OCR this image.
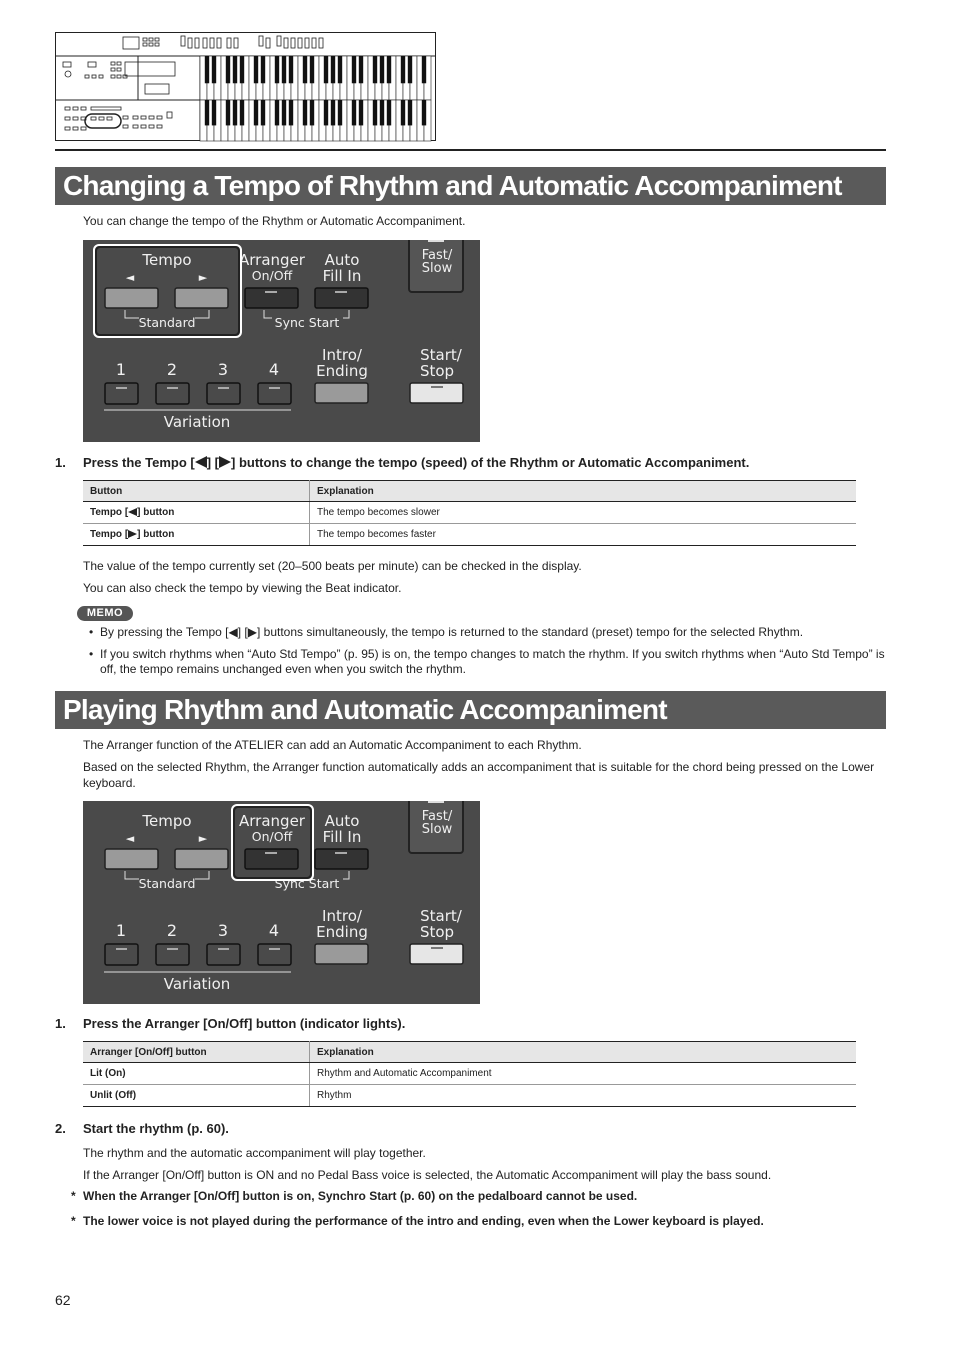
Changing a Tempo of Rhythm and Automatic Accompaniment
You can change the tempo of the Rhythm or Automatic Accompaniment.
Tempo
◄	►
Standard
Arranger
On/Off
Sync Start
Auto
Fill In
Fast/
Slow
Intro/
Ending
Start/
Stop
1	2	3	4
Variation
1. Press the Tempo [ ] [ ] buttons to change the tempo (speed) of the Rhythm or Automatic Accompaniment.
Button	Explanation
Tempo [ ] button	The tempo becomes slower
Tempo [ ] button	The tempo becomes faster
The value of the tempo currently set (20–500 beats per minute) can be checked in the display.
You can also check the tempo by viewing the Beat indicator.
MEMO
• By pressing the Tempo [◀] [▶] buttons simultaneously, the tempo is returned to the standard (preset) tempo for the selected Rhythm.
• If you switch rhythms when “Auto Std Tempo” (p. 95) is on, the tempo changes to match the rhythm. If you switch rhythms when “Auto Std Tempo” is off, the tempo remains unchanged even when you switch the rhythm.
Playing Rhythm and Automatic Accompaniment
The Arranger function of the ATELIER can add an Automatic Accompaniment to each Rhythm.
Based on the selected Rhythm, the Arranger function automatically adds an accompaniment that is suitable for the chord being pressed on the Lower keyboard.
Tempo
◄	►
Standard
Arranger
On/Off
Sync Start
Auto
Fill In
Fast/
Slow
Intro/
Ending
Start/
Stop
1	2	3	4
Variation
1. Press the Arranger [On/Off] button (indicator lights).
Arranger [On/Off] button	Explanation
Lit (On)	Rhythm and Automatic Accompaniment
Unlit (Off)	Rhythm
2. Start the rhythm (p. 60).
The rhythm and the automatic accompaniment will play together.
If the Arranger [On/Off] button is ON and no Pedal Bass voice is selected, the Automatic Accompaniment will play the bass sound.
* When the Arranger [On/Off] button is on, Synchro Start (p. 60) on the pedalboard cannot be used.
* The lower voice is not played during the performance of the intro and ending, even when the Lower keyboard is played.
62
